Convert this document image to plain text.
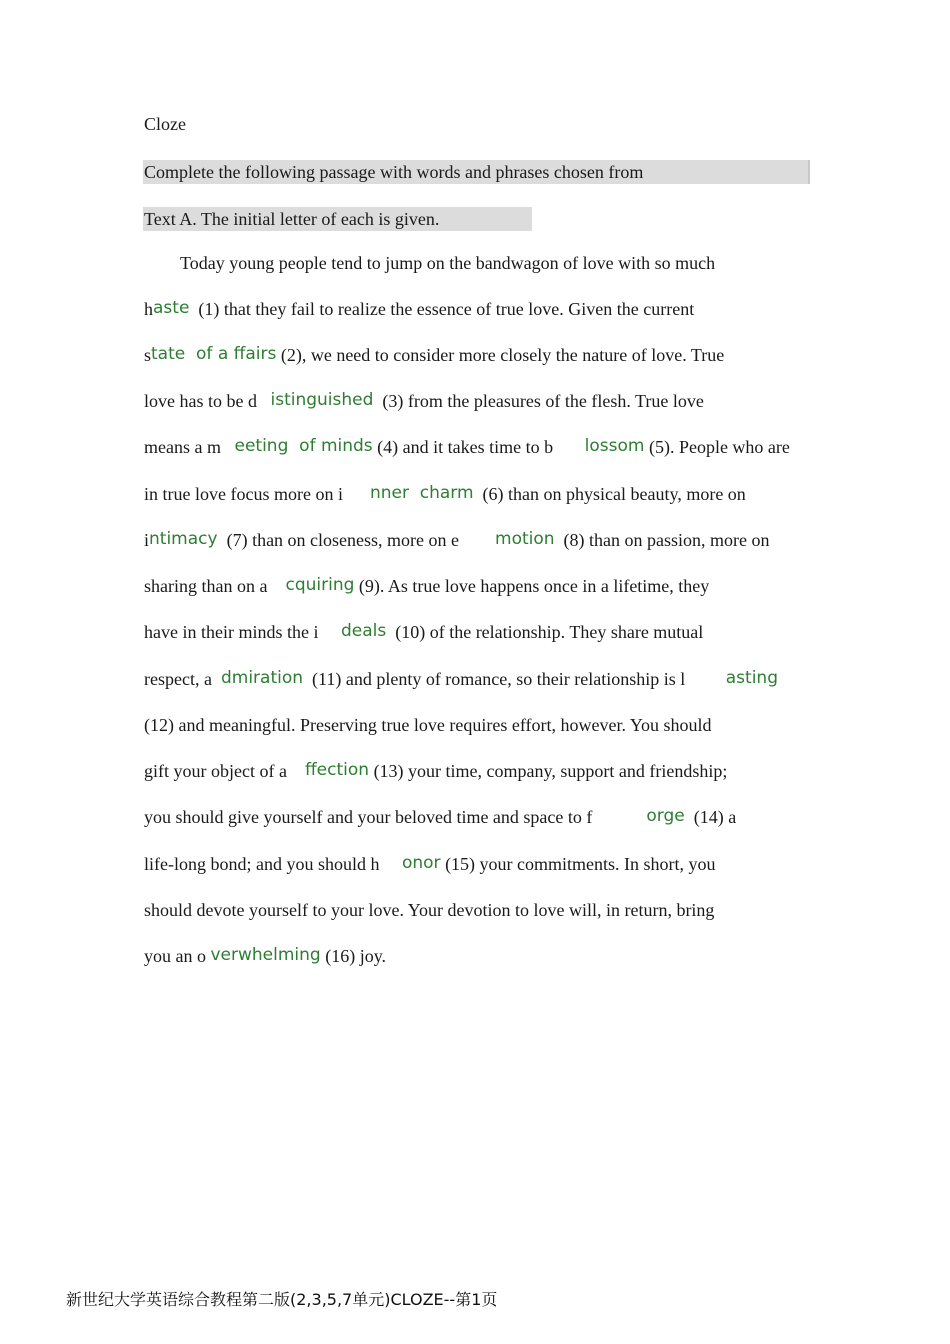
Cloze
Complete the following passage with words and phrases chosen from
Text A. The initial letter of each is given.
Today young people tend to jump on the bandwagon of love with so much
haste  (1) that they fail to realize the essence of true love. Given the current
state  of a ffairs (2), we need to consider more closely the nature of love. True
love has to be d   istinguished  (3) from the pleasures of the flesh. True love
means a m   eeting  of minds (4) and it takes time to b       lossom (5). People who are
in true love focus more on i      nner  charm  (6) than on physical beauty, more on
intimacy  (7) than on closeness, more on e        motion  (8) than on passion, more on
sharing than on a    cquiring (9). As true love happens once in a lifetime, they
have in their minds the i     deals  (10) of the relationship. They share mutual
respect, a  dmiration  (11) and plenty of romance, so their relationship is l         asting
(12) and meaningful. Preserving true love requires effort, however. You should
gift your object of a    ffection (13) your time, company, support and friendship;
you should give yourself and your beloved time and space to f            orge  (14) a
life-long bond; and you should h     onor (15) your commitments. In short, you
should devote yourself to your love. Your devotion to love will, in return, bring
you an o verwhelming (16) joy.
新世纪大学英语综合教程第二版(2,3,5,7单元)CLOZE--第1页
